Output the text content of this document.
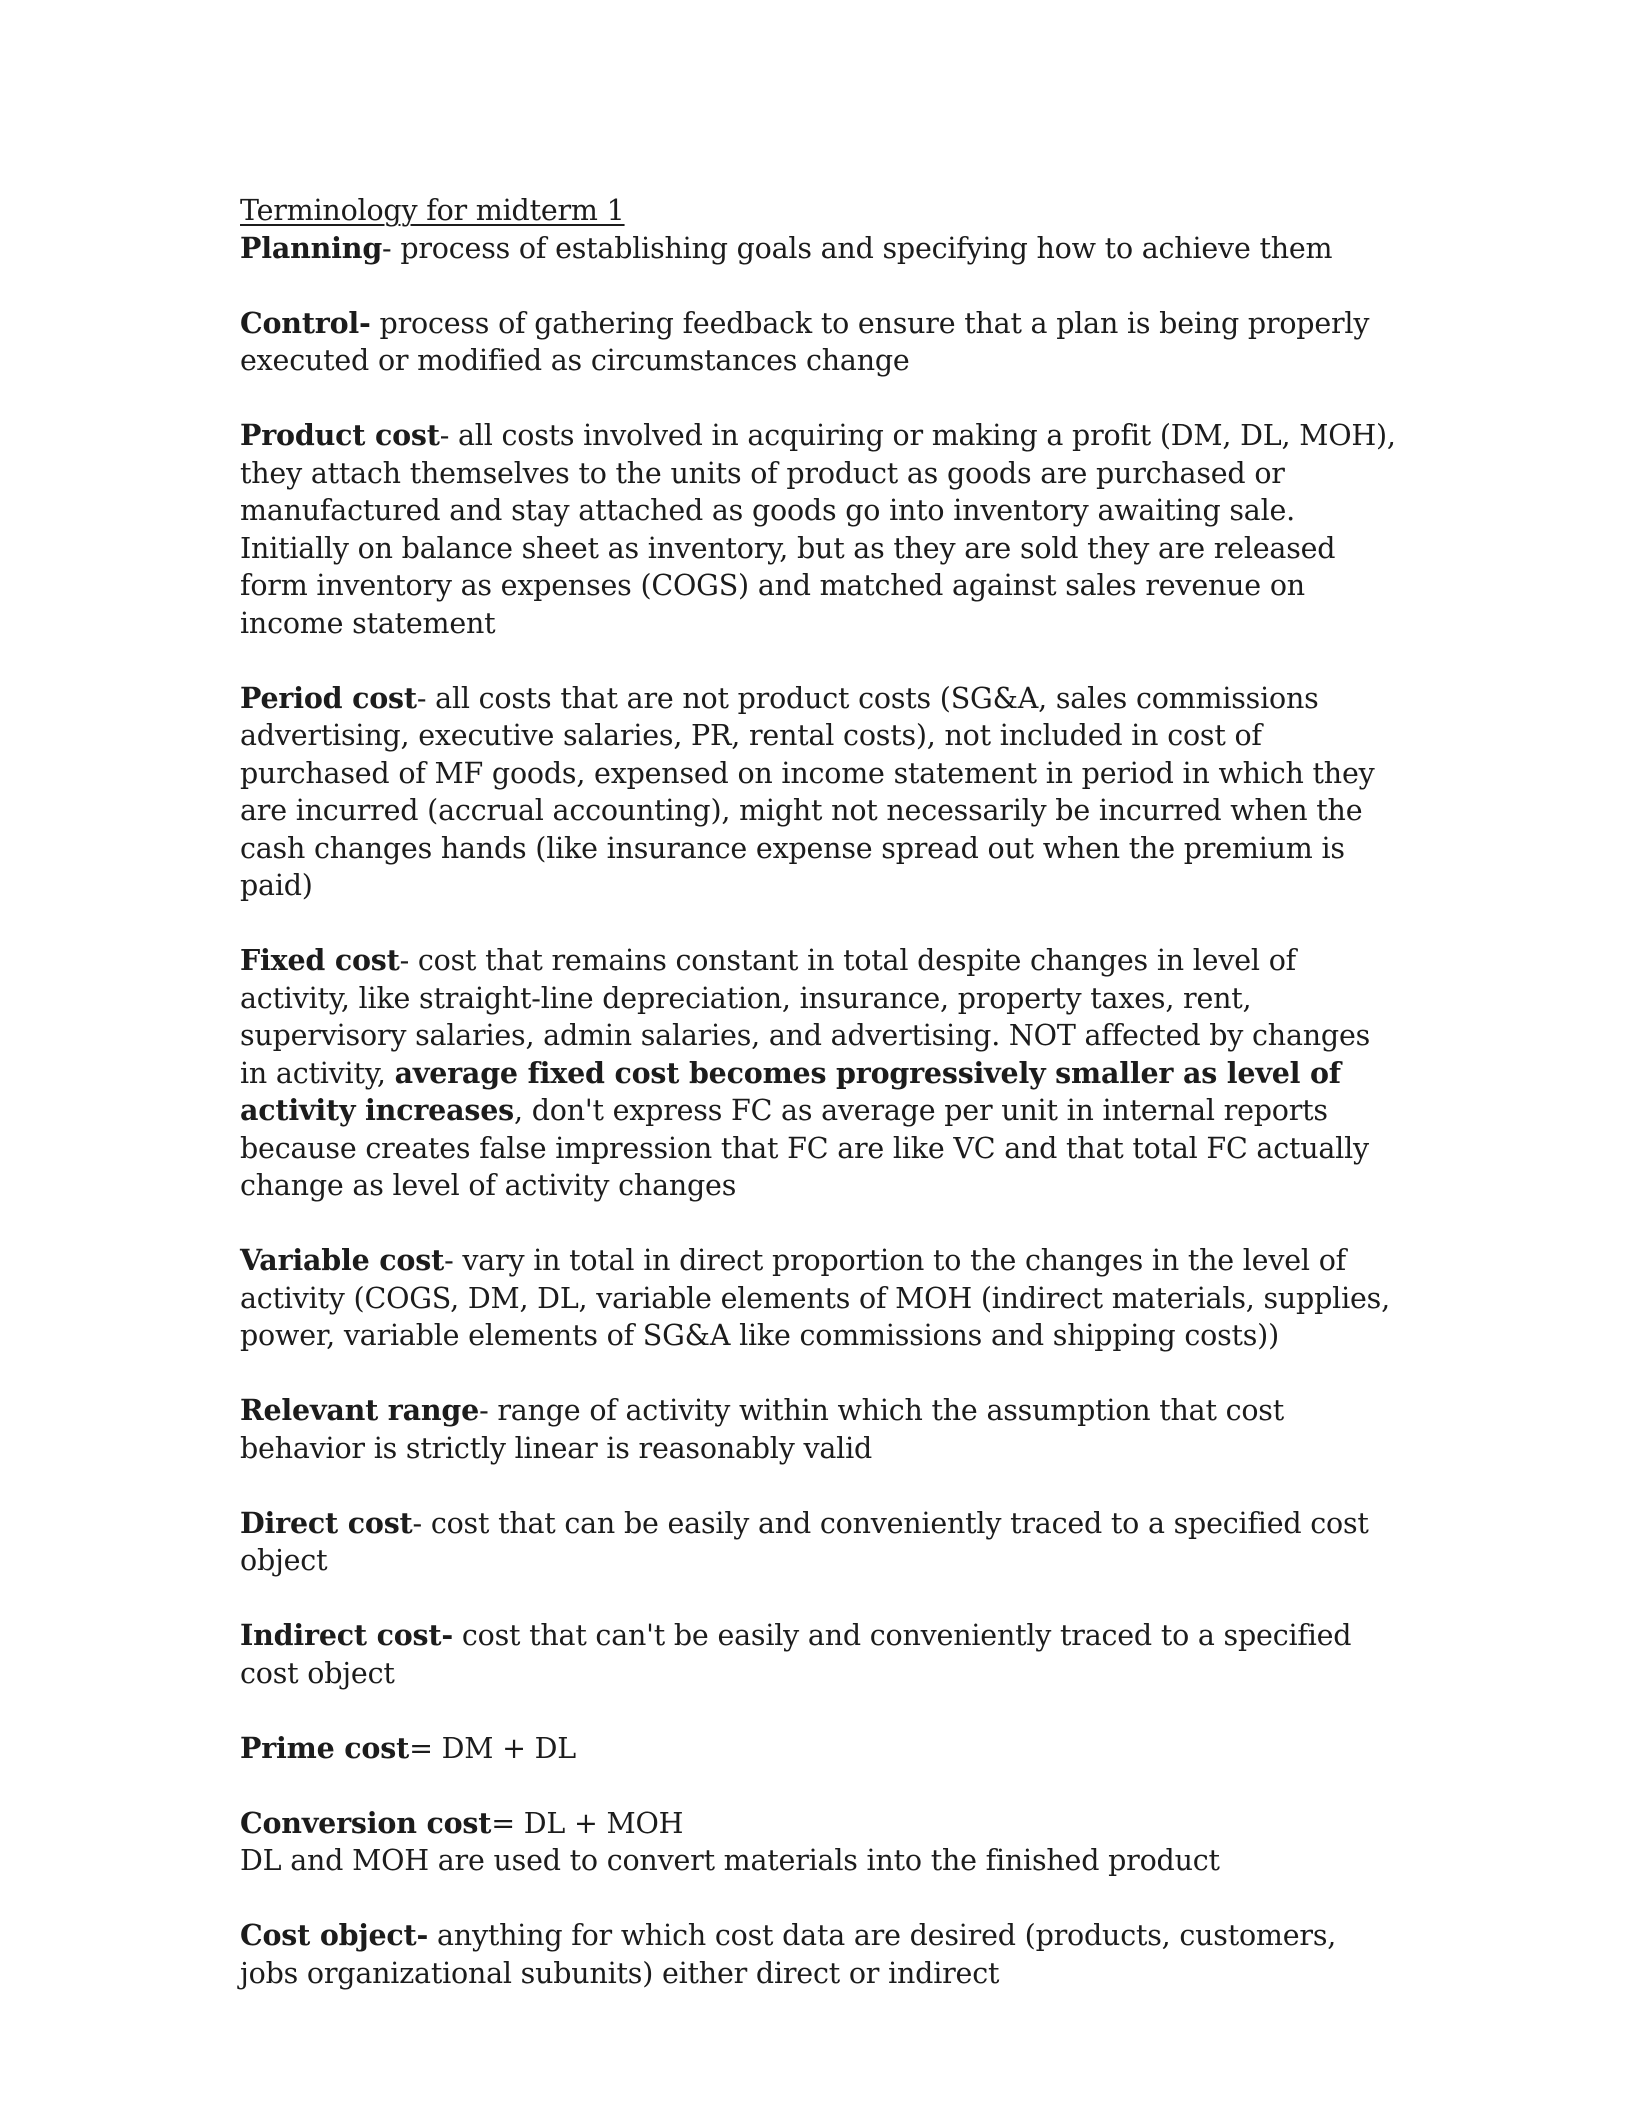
Terminology for midterm 1

Planning- process of establishing goals and specifying how to achieve them

Control- process of gathering feedback to ensure that a plan is being properly executed or modified as circumstances change

Product cost- all costs involved in acquiring or making a profit (DM, DL, MOH), they attach themselves to the units of product as goods are purchased or manufactured and stay attached as goods go into inventory awaiting sale. Initially on balance sheet as inventory, but as they are sold they are released form inventory as expenses (COGS) and matched against sales revenue on income statement

Period cost- all costs that are not product costs (SG&A, sales commissions advertising, executive salaries, PR, rental costs), not included in cost of purchased of MF goods, expensed on income statement in period in which they are incurred (accrual accounting), might not necessarily be incurred when the cash changes hands (like insurance expense spread out when the premium is paid)

Fixed cost- cost that remains constant in total despite changes in level of activity, like straight-line depreciation, insurance, property taxes, rent, supervisory salaries, admin salaries, and advertising. NOT affected by changes in activity, average fixed cost becomes progressively smaller as level of activity increases, don't express FC as average per unit in internal reports because creates false impression that FC are like VC and that total FC actually change as level of activity changes

Variable cost- vary in total in direct proportion to the changes in the level of activity (COGS, DM, DL, variable elements of MOH (indirect materials, supplies, power, variable elements of SG&A like commissions and shipping costs))

Relevant range- range of activity within which the assumption that cost behavior is strictly linear is reasonably valid

Direct cost- cost that can be easily and conveniently traced to a specified cost object

Indirect cost- cost that can't be easily and conveniently traced to a specified cost object

Prime cost= DM + DL

Conversion cost= DL + MOH

DL and MOH are used to convert materials into the finished product

Cost object- anything for which cost data are desired (products, customers, jobs organizational subunits) either direct or indirect
